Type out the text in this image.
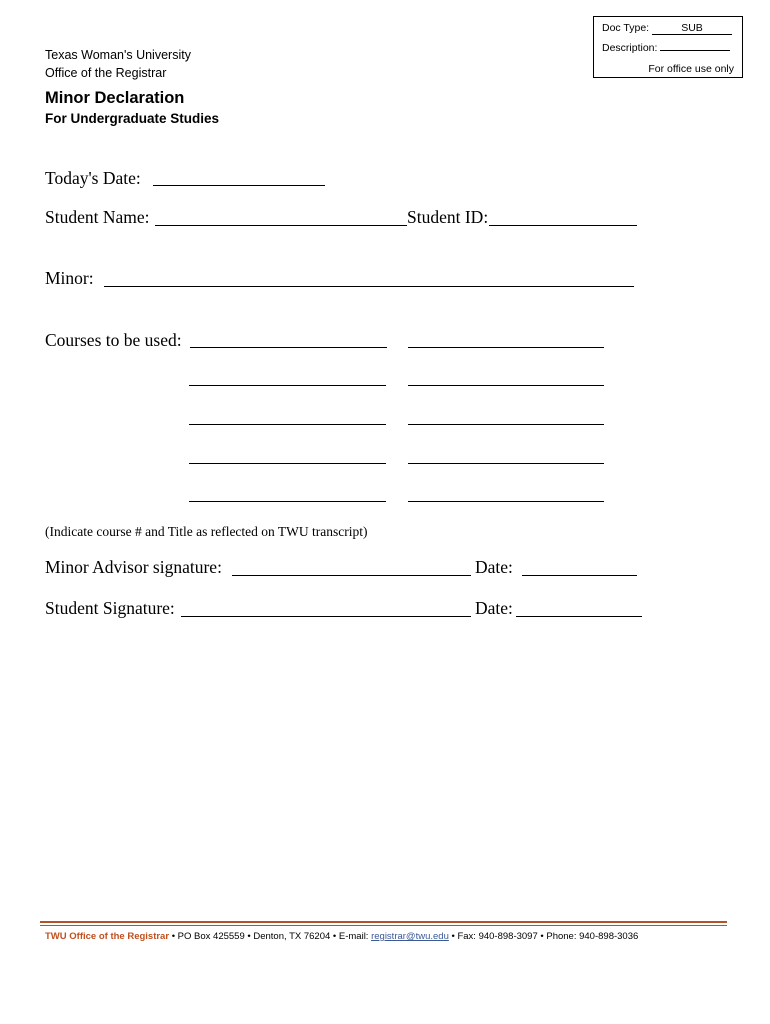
Doc Type:	SUB
Description:
For office use only
Texas Woman's University
Office of the Registrar
Minor Declaration
For Undergraduate Studies
Today's Date:
Student Name:	Student ID:
Minor:
Courses to be used:
(Indicate course # and Title as reflected on TWU transcript)
Minor Advisor signature:	Date:
Student Signature:	Date:
TWU Office of the Registrar • PO Box 425559 • Denton, TX 76204 • E-mail: registrar@twu.edu • Fax: 940-898-3097 • Phone: 940-898-3036
